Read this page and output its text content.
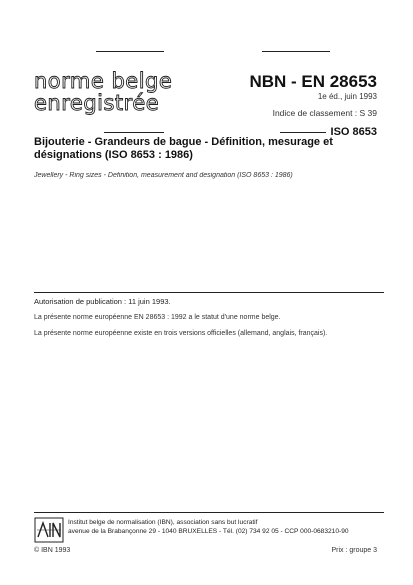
norme belge
enregistrée
NBN - EN 28653
1e éd., juin 1993
Indice de classement : S 39
ISO 8653
Bijouterie - Grandeurs de bague - Définition, mesurage et désignations (ISO 8653 : 1986)
Jewellery - Ring sizes - Definition, measurement and designation (ISO 8653 : 1986)
Autorisation de publication : 11 juin 1993.
La présente norme européenne EN 28653 : 1992 a le statut d'une norme belge.
La présente norme européenne existe en trois versions officielles (allemand, anglais, français).
Institut belge de normalisation (IBN), association sans but lucratif
avenue de la Brabançonne 29 - 1040 BRUXELLES - Tél. (02) 734 92 05 - CCP 000-0683210-90
© IBN 1993	Prix : groupe 3
